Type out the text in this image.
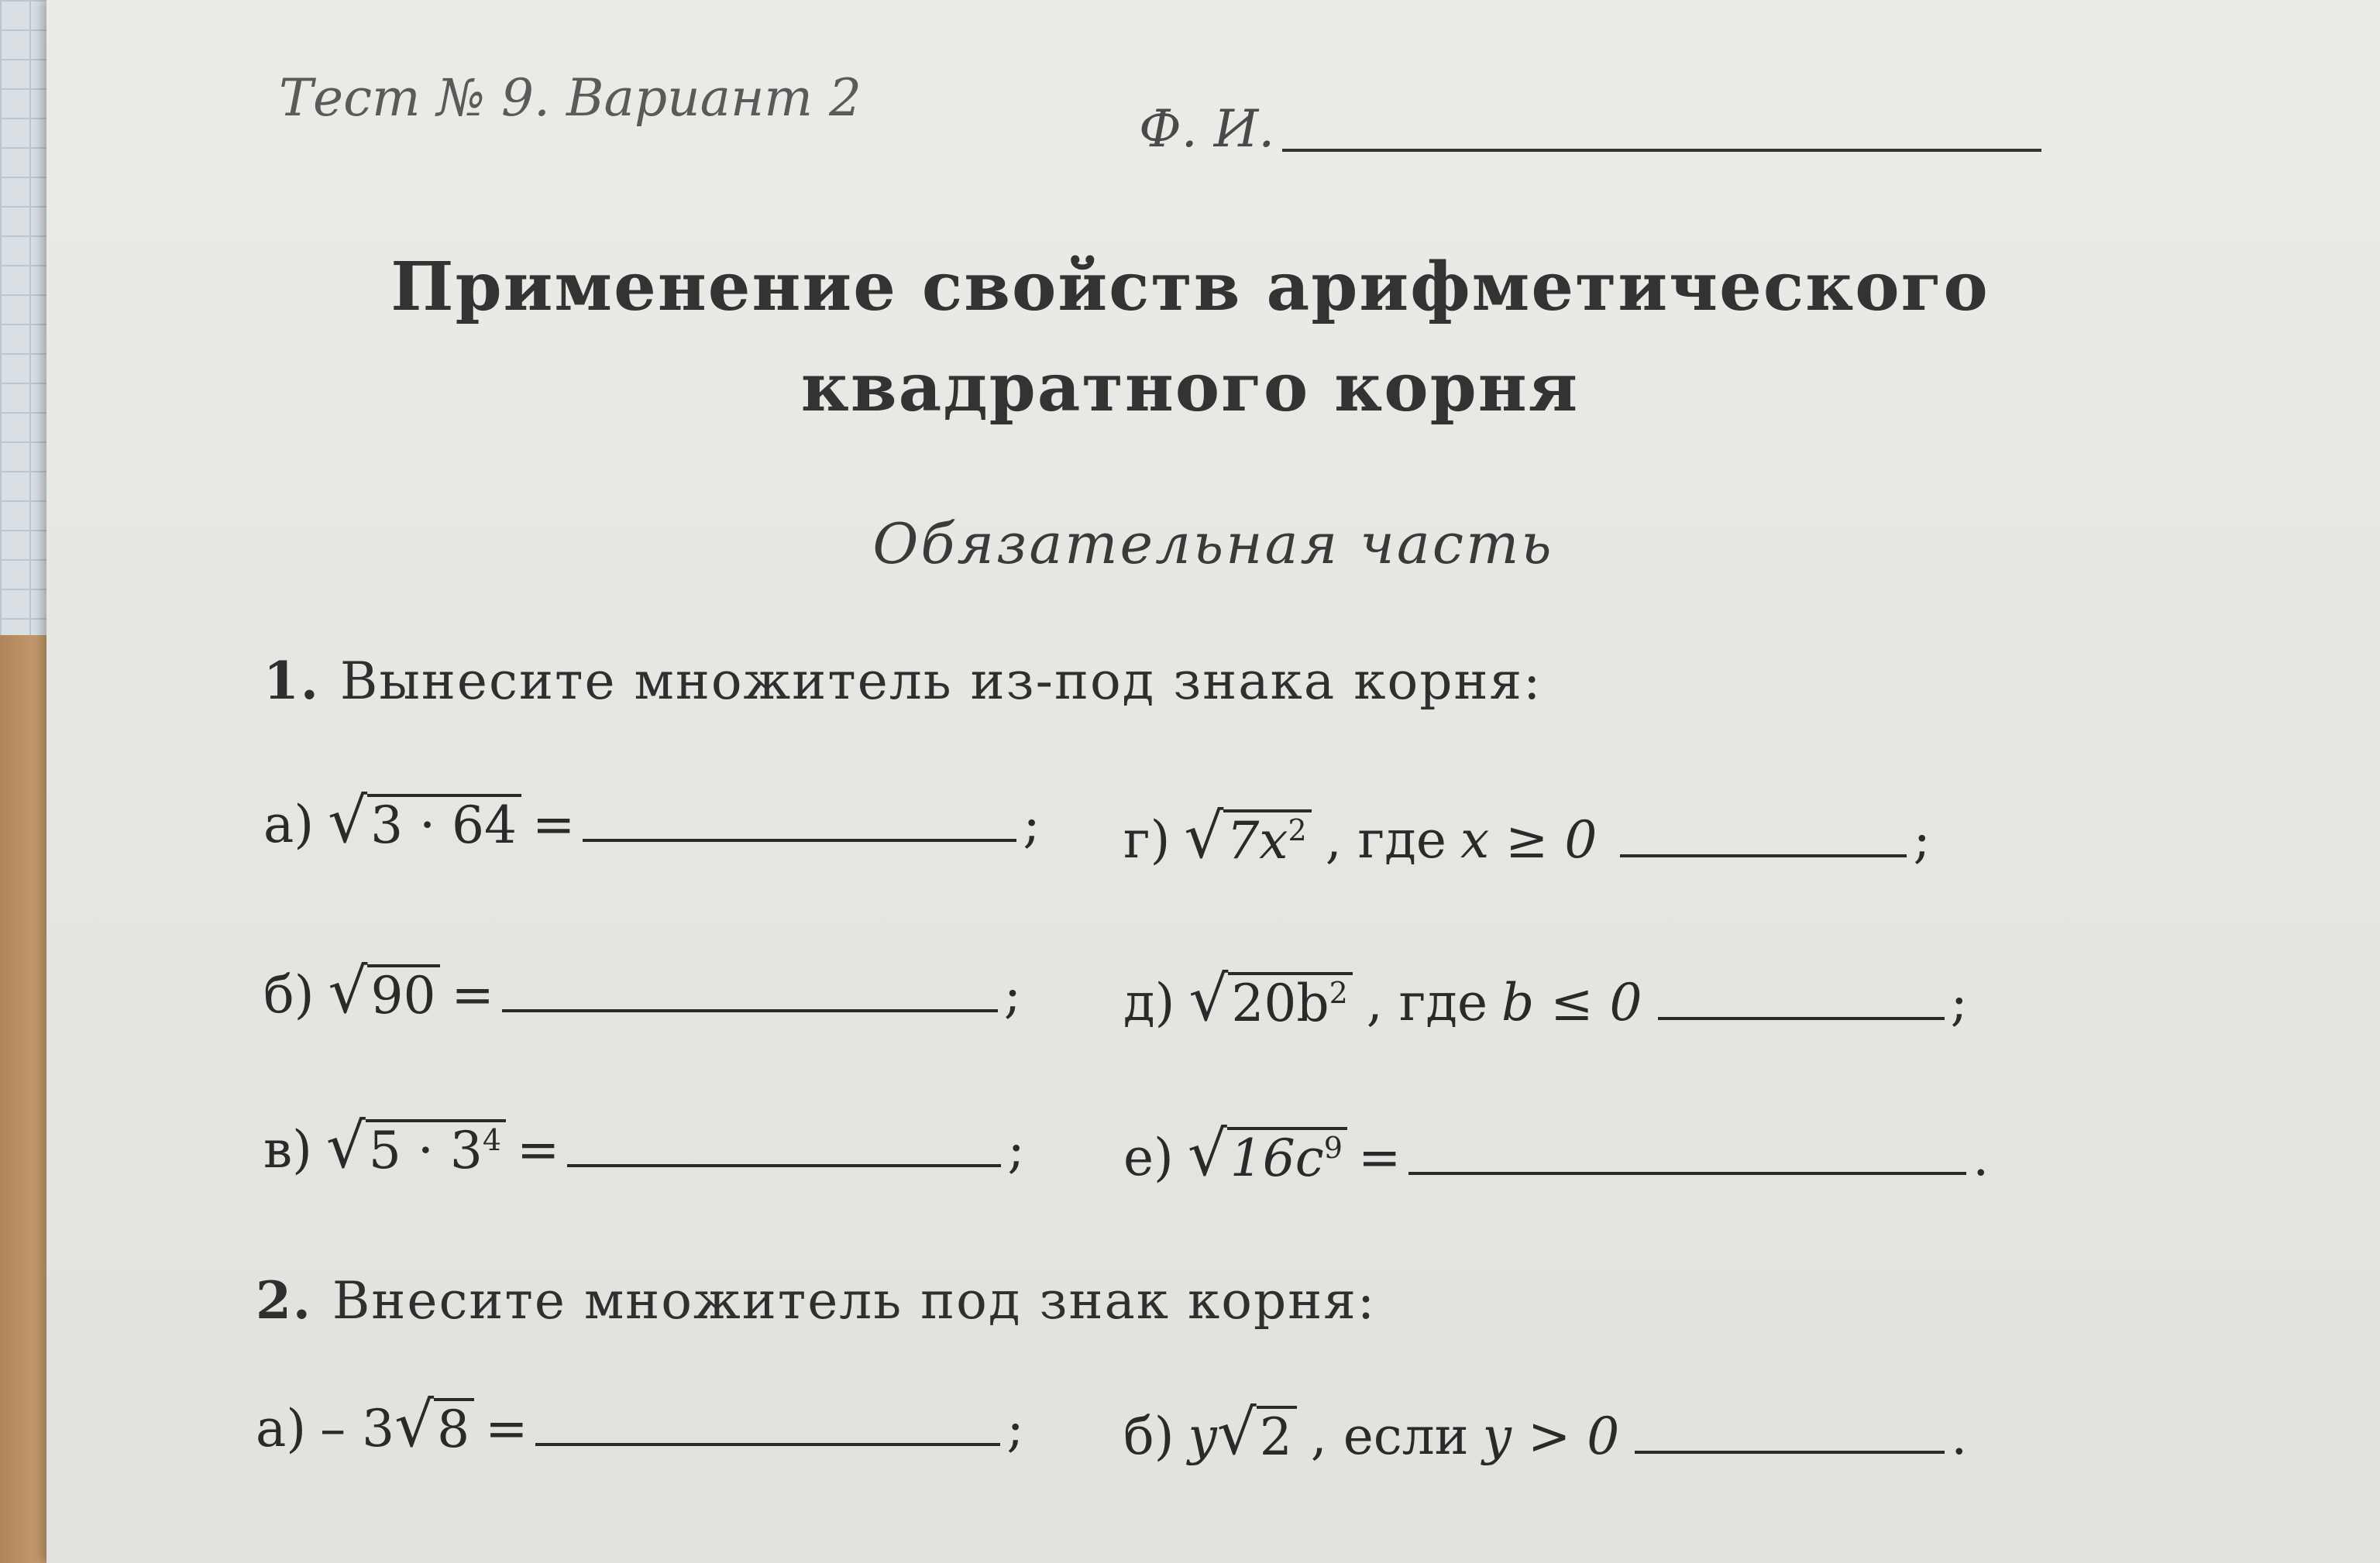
Тест № 9. Вариант 2
Ф. И.
Применение свойств арифметического
квадратного корня
Обязательная часть
1. Вынесите множитель из-под знака корня:
а) √ 3 · 64 =	;
б) √ 90 =	;
в) √ $5 \cdot 3^4$ =	;
г) √ $7x^2$ , где x ≥ 0	;
д) √ $20b^2$ , где b ≤ 0	;
е) √ $16c^9$ =	.
2. Внесите множитель под знак корня:
а) – 3 √ 8 =	; б) y √ 2 , если y > 0	.
